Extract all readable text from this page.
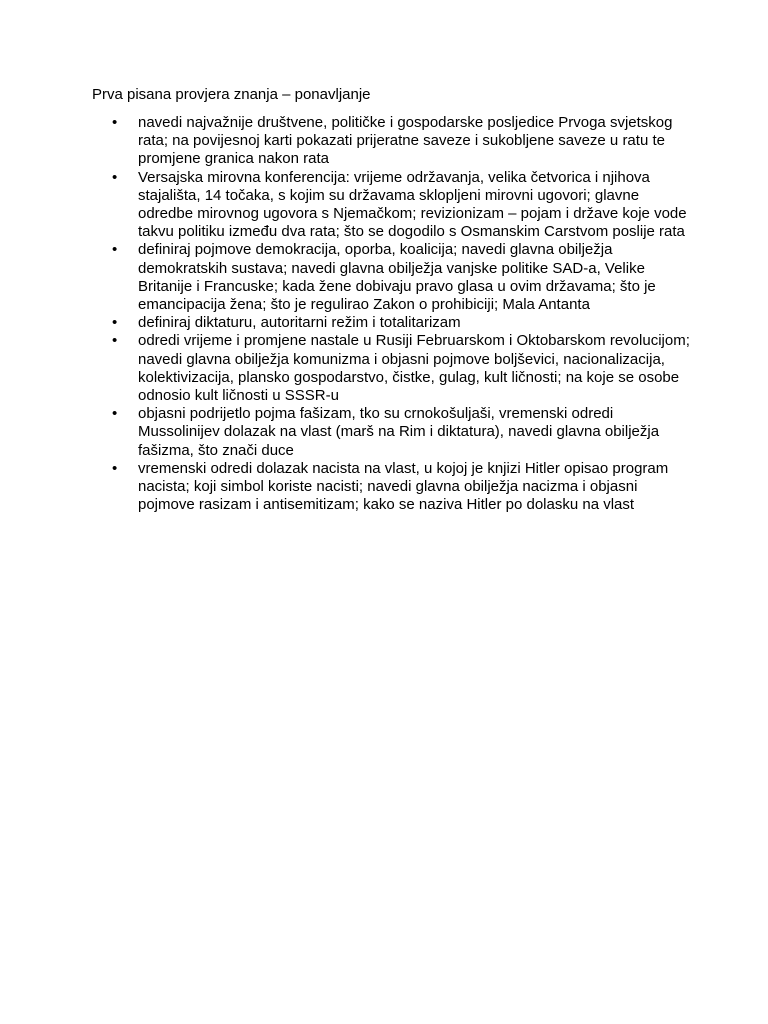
Prva pisana provjera znanja – ponavljanje
• navedi najvažnije društvene, političke i gospodarske posljedice Prvoga svjetskog rata; na povijesnoj karti pokazati prijeratne saveze i sukobljene saveze u ratu te promjene granica nakon rata
• Versajska mirovna konferencija: vrijeme održavanja, velika četvorica i njihova stajališta, 14 točaka, s kojim su državama sklopljeni mirovni ugovori; glavne odredbe mirovnog ugovora s Njemačkom; revizionizam – pojam i države koje vode takvu politiku između dva rata; što se dogodilo s Osmanskim Carstvom poslije rata
• definiraj pojmove demokracija, oporba, koalicija; navedi glavna obilježja demokratskih sustava; navedi glavna obilježja vanjske politike SAD-a, Velike Britanije i Francuske; kada žene dobivaju pravo glasa u ovim državama; što je emancipacija žena; što je regulirao Zakon o prohibiciji; Mala Antanta
• definiraj diktaturu, autoritarni režim i totalitarizam
• odredi vrijeme i promjene nastale u Rusiji Februarskom i Oktobarskom revolucijom; navedi glavna obilježja komunizma i objasni pojmove boljševici, nacionalizacija, kolektivizacija, plansko gospodarstvo, čistke, gulag, kult ličnosti; na koje se osobe odnosio kult ličnosti u SSSR-u
• objasni podrijetlo pojma fašizam, tko su crnokošuljaši, vremenski odredi Mussolinijev dolazak na vlast (marš na Rim i diktatura), navedi glavna obilježja fašizma, što znači duce
• vremenski odredi dolazak nacista na vlast, u kojoj je knjizi Hitler opisao program nacista; koji simbol koriste nacisti; navedi glavna obilježja nacizma i objasni pojmove rasizam i antisemitizam; kako se naziva Hitler po dolasku na vlast
